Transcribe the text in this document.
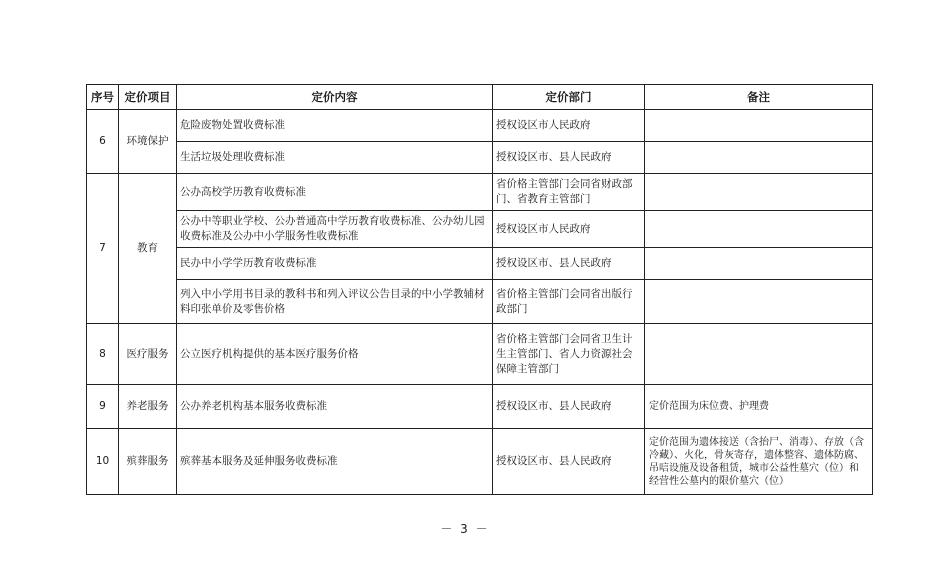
序号	定价项目	定价内容	定价部门	备注
6	环境保护	危险废物处置收费标准	授权设区市人民政府	
		生活垃圾处理收费标准	授权设区市、县人民政府	
7	教育	公办高校学历教育收费标准	省价格主管部门会同省财政部门、省教育主管部门	
		公办中等职业学校、公办普通高中学历教育收费标准、公办幼儿园收费标准及公办中小学服务性收费标准	授权设区市人民政府	
		民办中小学学历教育收费标准	授权设区市、县人民政府	
		列入中小学用书目录的教科书和列入评议公告目录的中小学教辅材料印张单价及零售价格	省价格主管部门会同省出版行政部门	
8	医疗服务	公立医疗机构提供的基本医疗服务价格	省价格主管部门会同省卫生计生主管部门、省人力资源社会保障主管部门	
9	养老服务	公办养老机构基本服务收费标准	授权设区市、县人民政府	定价范围为床位费、护理费
10	殡葬服务	殡葬基本服务及延伸服务收费标准	授权设区市、县人民政府	定价范围为遗体接送（含抬尸、消毒）、存放（含冷藏）、火化，骨灰寄存，遗体整容、遗体防腐、吊唁设施及设备租赁，城市公益性墓穴（位）和经营性公墓内的限价墓穴（位）
－ 3 －
